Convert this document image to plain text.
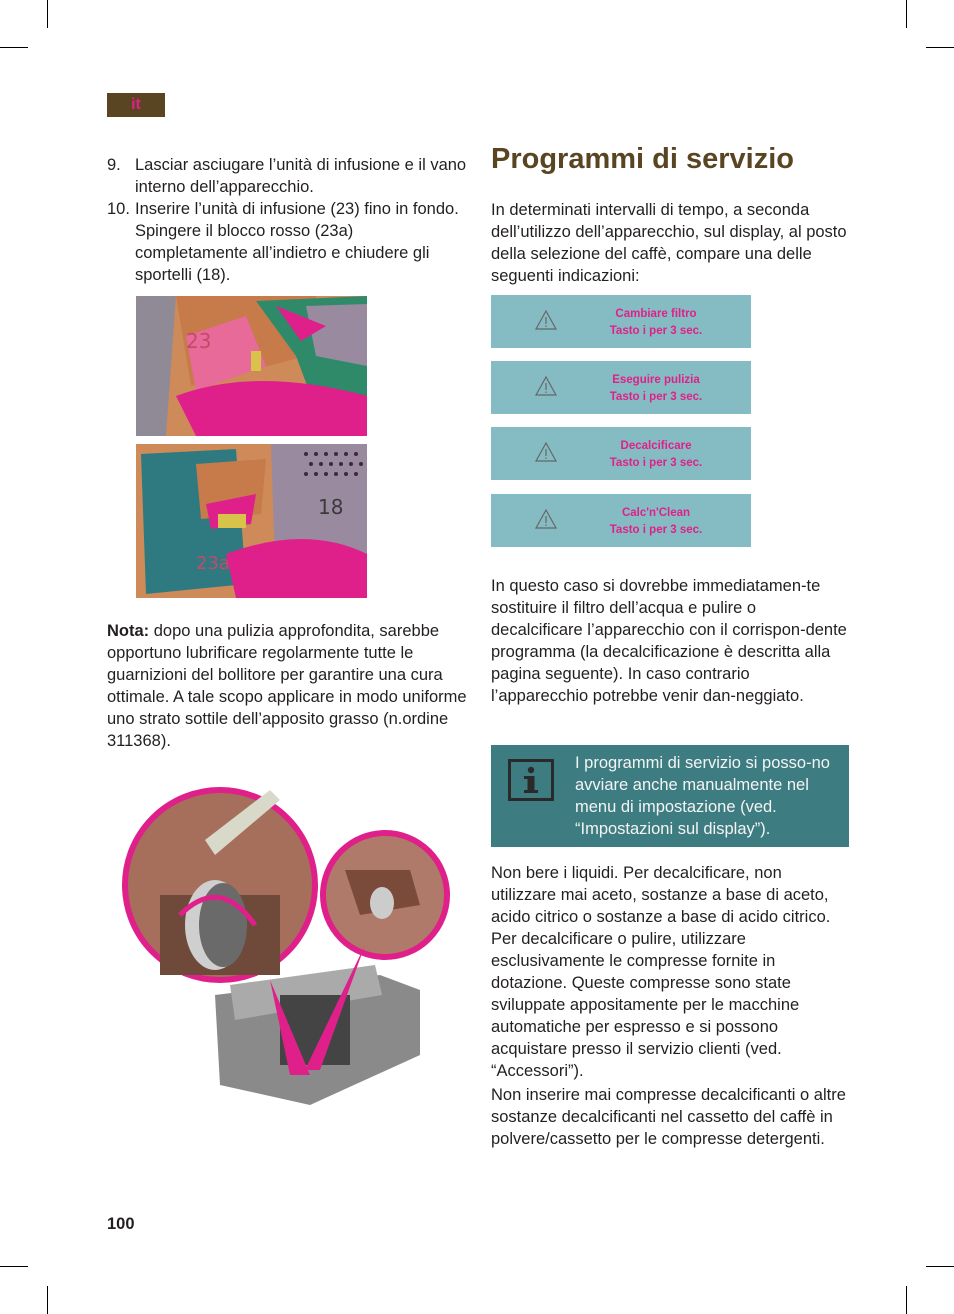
it
9. Lasciar asciugare l’unità di infusione e il vano interno dell’apparecchio.
10. Inserire l’unità di infusione (23) fino in fondo. Spingere il blocco rosso (23a) completamente all’indietro e chiudere gli sportelli (18).
23
18
23a
Nota: dopo una pulizia approfondita, sarebbe opportuno lubrificare regolarmente tutte le guarnizioni del bollitore per garantire una cura ottimale. A tale scopo applicare in modo uniforme uno strato sottile dell’apposito grasso (n.ordine 311368).
Programmi di servizio

In determinati intervalli di tempo, a seconda dell’utilizzo dell’apparecchio, sul display, al posto della selezione del caffè, compare una delle seguenti indicazioni:

Cambiare filtro
Tasto i per 3 sec.
Eseguire pulizia
Tasto i per 3 sec.
Decalcificare
Tasto i per 3 sec.
Calc'n'Clean
Tasto i per 3 sec.

In questo caso si dovrebbe immediatamen-te sostituire il filtro dell’acqua e pulire o decalcificare l’apparecchio con il corrispon-dente programma (la decalcificazione è descritta alla pagina seguente). In caso contrario l’apparecchio potrebbe venir dan-neggiato.

I programmi di servizio si posso-no avviare anche manualmente nel menu di impostazione (ved. “Impostazioni sul display”).

Non bere i liquidi. Per decalcificare, non utilizzare mai aceto, sostanze a base di aceto, acido citrico o sostanze a base di acido citrico. Per decalcificare o pulire, utilizzare esclusivamente le compresse fornite in dotazione. Queste compresse sono state sviluppate appositamente per le macchine automatiche per espresso e si possono acquistare presso il servizio clienti (ved. “Accessori”).

Non inserire mai compresse decalcificanti o altre sostanze decalcificanti nel cassetto del caffè in polvere/cassetto per le compresse detergenti.

100
